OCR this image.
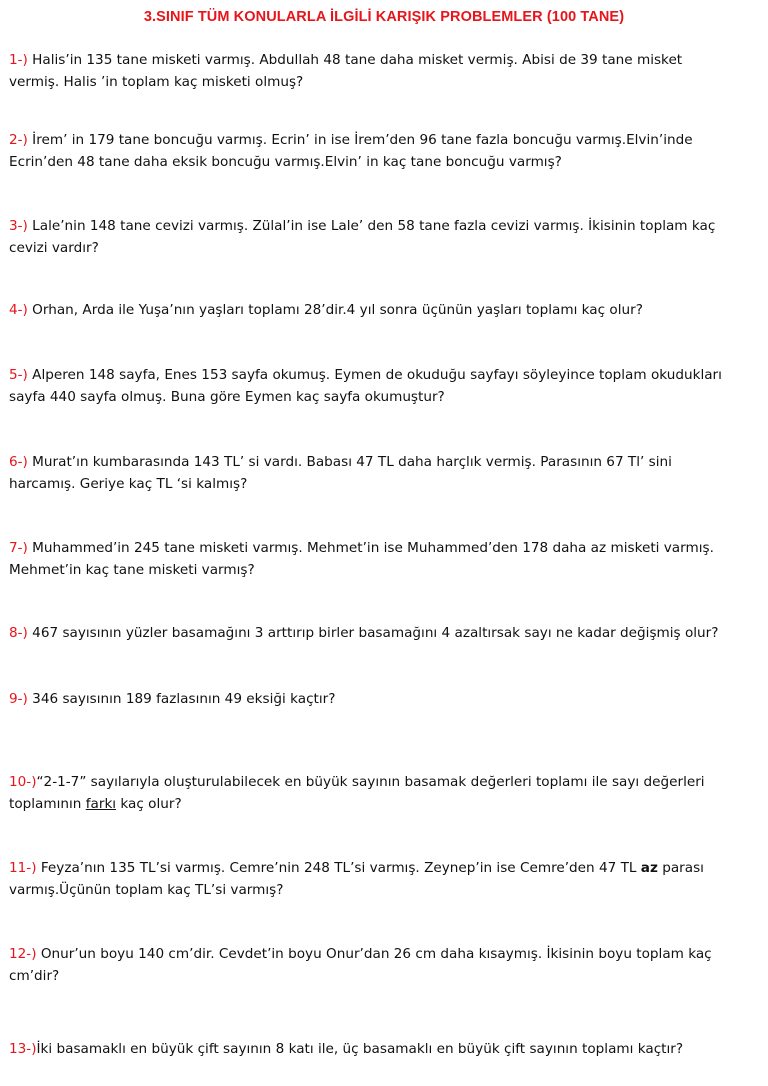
3.SINIF TÜM KONULARLA İLGİLİ KARIŞIK PROBLEMLER (100 TANE)
1-) Halis’in 135 tane misketi varmış. Abdullah 48 tane daha misket vermiş. Abisi de 39 tane misket
vermiş. Halis ’in toplam kaç misketi olmuş?
2-) İrem’ in 179 tane boncuğu varmış. Ecrin’ in ise İrem’den 96 tane fazla boncuğu varmış.Elvin’inde
Ecrin’den 48 tane daha eksik boncuğu varmış.Elvin’ in kaç tane boncuğu varmış?
3-) Lale’nin 148 tane cevizi varmış. Zülal’in ise Lale’ den 58 tane fazla cevizi varmış. İkisinin toplam kaç
cevizi vardır?
4-) Orhan, Arda ile Yuşa’nın yaşları toplamı 28’dir.4 yıl sonra üçünün yaşları toplamı kaç olur?
5-) Alperen 148 sayfa, Enes 153 sayfa okumuş. Eymen de okuduğu sayfayı söyleyince toplam okudukları
sayfa 440 sayfa olmuş. Buna göre Eymen kaç sayfa okumuştur?
6-) Murat’ın kumbarasında 143 TL’ si vardı. Babası 47 TL daha harçlık vermiş. Parasının 67 Tl’ sini
harcamış. Geriye kaç TL ‘si kalmış?
7-) Muhammed’in 245 tane misketi varmış. Mehmet’in ise Muhammed’den 178 daha az misketi varmış.
Mehmet’in kaç tane misketi varmış?
8-) 467 sayısının yüzler basamağını 3 arttırıp birler basamağını 4 azaltırsak sayı ne kadar değişmiş olur?
9-) 346 sayısının 189 fazlasının 49 eksiği kaçtır?
10-)“2-1-7” sayılarıyla oluşturulabilecek en büyük sayının basamak değerleri toplamı ile sayı değerleri
toplamının farkı kaç olur?
11-) Feyza’nın 135 TL’si varmış. Cemre’nin 248 TL’si varmış. Zeynep’in ise Cemre’den 47 TL az parası
varmış.Üçünün toplam kaç TL’si varmış?
12-) Onur’un boyu 140 cm’dir. Cevdet’in boyu Onur’dan 26 cm daha kısaymış. İkisinin boyu toplam kaç
cm’dir?
13-)İki basamaklı en büyük çift sayının 8 katı ile, üç basamaklı en büyük çift sayının toplamı kaçtır?
